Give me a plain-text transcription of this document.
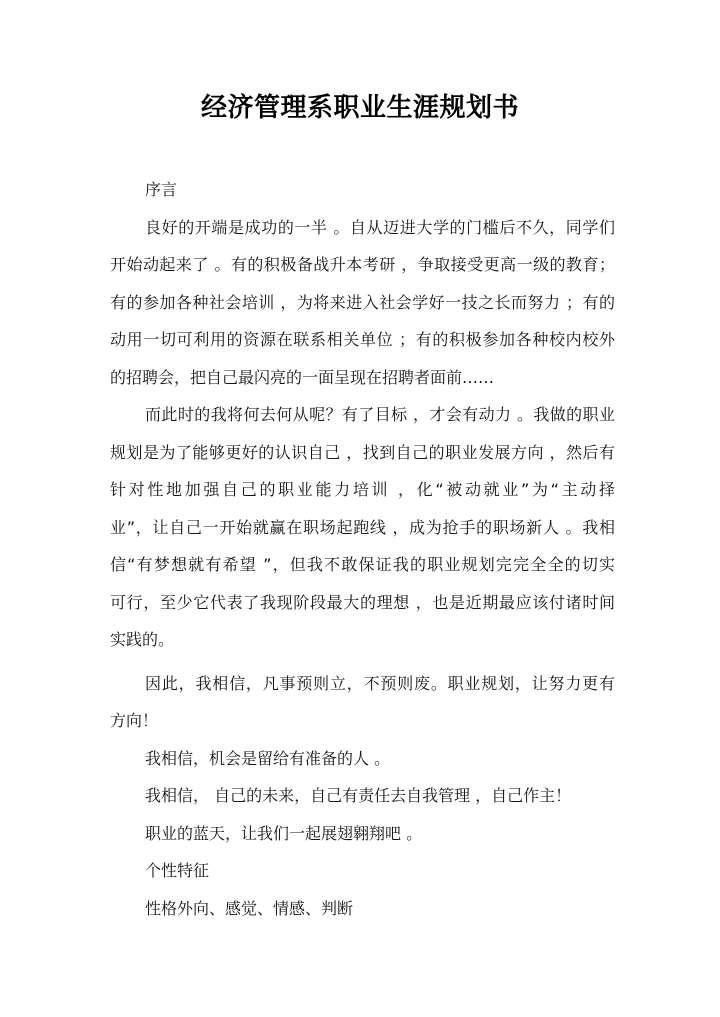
经济管理系职业生涯规划书
序言
良好的开端是成功的一半 。自从迈进大学的门槛后不久，同学们
开始动起来了 。有的积极备战升本考研 ，争取接受更高一级的教育；
有的参加各种社会培训 ，为将来进入社会学好一技之长而努力 ；有的
动用一切可利用的资源在联系相关单位 ；有的积极参加各种校内校外
的招聘会，把自己最闪亮的一面呈现在招聘者面前……
而此时的我将何去何从呢？有了目标 ，才会有动力 。我做的职业
规划是为了能够更好的认识自己 ，找到自己的职业发展方向 ，然后有
针对性地加强自己的职业能力培训 ，化“被动就业”为“主动择
业”，让自己一开始就赢在职场起跑线 ，成为抢手的职场新人 。我相
信“有梦想就有希望 ”，但我不敢保证我的职业规划完完全全的切实
可行，至少它代表了我现阶段最大的理想 ，也是近期最应该付诸时间
实践的。
因此，我相信，凡事预则立，不预则废。职业规划，让努力更有
方向！
我相信，机会是留给有准备的人 。
我相信， 自己的未来，自己有责任去自我管理 ，自己作主！
职业的蓝天，让我们一起展翅翱翔吧 。
个性特征
性格外向、感觉、情感、判断
